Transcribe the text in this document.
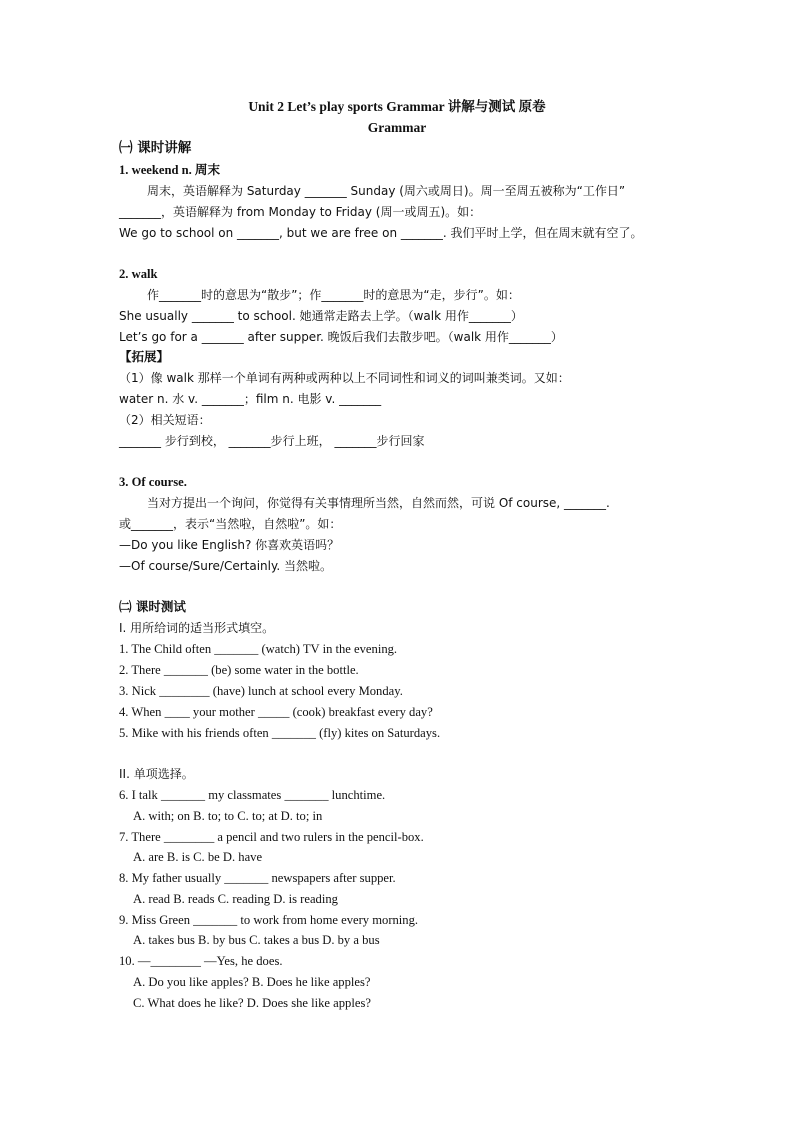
Unit 2 Let’s play sports Grammar 讲解与测试 原卷
Grammar
㈠ 课时讲解
1. weekend n. 周末
周末，英语解释为 Saturday _______ Sunday (周六或周日)。周一至周五被称为“工作日”
_______，英语解释为 from Monday to Friday (周一或周五)。如：
We go to school on _______, but we are free on _______. 我们平时上学，但在周末就有空了。
2. walk
作_______时的意思为“散步”；作_______时的意思为“走，步行”。如：
She usually _______ to school. 她通常走路去上学。（walk 用作_______）
Let’s go for a _______ after supper. 晚饭后我们去散步吧。（walk 用作_______）
【拓展】
（1）像 walk 那样一个单词有两种或两种以上不同词性和词义的词叫兼类词。又如：
water n. 水 v. _______；film n. 电影 v. _______
（2）相关短语：
_______ 步行到校， _______步行上班， _______步行回家
3. Of course.
当对方提出一个询问，你觉得有关事情理所当然，自然而然，可说 Of course, _______.
或_______，表示“当然啦，自然啦”。如：
—Do you like English? 你喜欢英语吗？
—Of course/Sure/Certainly. 当然啦。
㈡ 课时测试
I. 用所给词的适当形式填空。
1. The Child often _______ (watch) TV in the evening.
2. There _______ (be) some water in the bottle.
3. Nick ________ (have) lunch at school every Monday.
4. When ____ your mother _____ (cook) breakfast every day?
5. Mike with his friends often _______ (fly) kites on Saturdays.
II. 单项选择。
6. I talk _______ my classmates _______ lunchtime.
A. with; on B. to; to C. to; at D. to; in
7. There ________ a pencil and two rulers in the pencil-box.
A. are B. is C. be D. have
8. My father usually _______ newspapers after supper.
A. read B. reads C. reading D. is reading
9. Miss Green _______ to work from home every morning.
A. takes bus B. by bus C. takes a bus D. by a bus
10. —________ —Yes, he does.
A. Do you like apples? B. Does he like apples?
C. What does he like? D. Does she like apples?
